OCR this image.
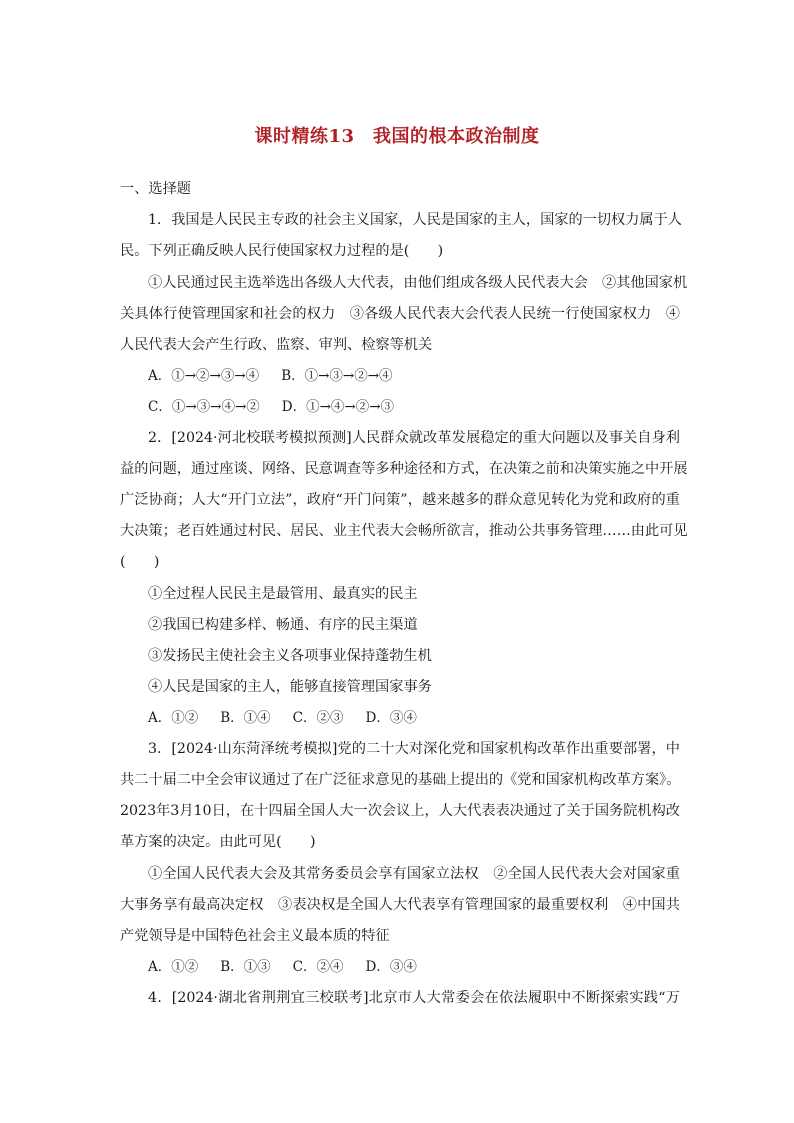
课时精练13　我国的根本政治制度
一、选择题
1．我国是人民民主专政的社会主义国家，人民是国家的主人，国家的一切权力属于人
民。下列正确反映人民行使国家权力过程的是(　　)
①人民通过民主选举选出各级人大代表，由他们组成各级人民代表大会　②其他国家机
关具体行使管理国家和社会的权力　③各级人民代表大会代表人民统一行使国家权力　④
人民代表大会产生行政、监察、审判、检察等机关
A．①→②→③→④ B．①→③→②→④
C．①→③→④→② D．①→④→②→③
2．[2024·河北校联考模拟预测]人民群众就改革发展稳定的重大问题以及事关自身利
益的问题，通过座谈、网络、民意调查等多种途径和方式，在决策之前和决策实施之中开展
广泛协商；人大“开门立法”，政府“开门问策”，越来越多的群众意见转化为党和政府的重
大决策；老百姓通过村民、居民、业主代表大会畅所欲言，推动公共事务管理……由此可见
(　　)
①全过程人民民主是最管用、最真实的民主
②我国已构建多样、畅通、有序的民主渠道
③发扬民主使社会主义各项事业保持蓬勃生机
④人民是国家的主人，能够直接管理国家事务
A．①② B．①④ C．②③ D．③④
3．[2024·山东菏泽统考模拟]党的二十大对深化党和国家机构改革作出重要部署，中
共二十届二中全会审议通过了在广泛征求意见的基础上提出的《党和国家机构改革方案》。
2023年3月10日，在十四届全国人大一次会议上，人大代表表决通过了关于国务院机构改
革方案的决定。由此可见(　　)
①全国人民代表大会及其常务委员会享有国家立法权　②全国人民代表大会对国家重
大事务享有最高决定权　③表决权是全国人大代表享有管理国家的最重要权利　④中国共
产党领导是中国特色社会主义最本质的特征
A．①② B．①③ C．②④ D．③④
4．[2024·湖北省荆荆宜三校联考]北京市人大常委会在依法履职中不断探索实践“万
